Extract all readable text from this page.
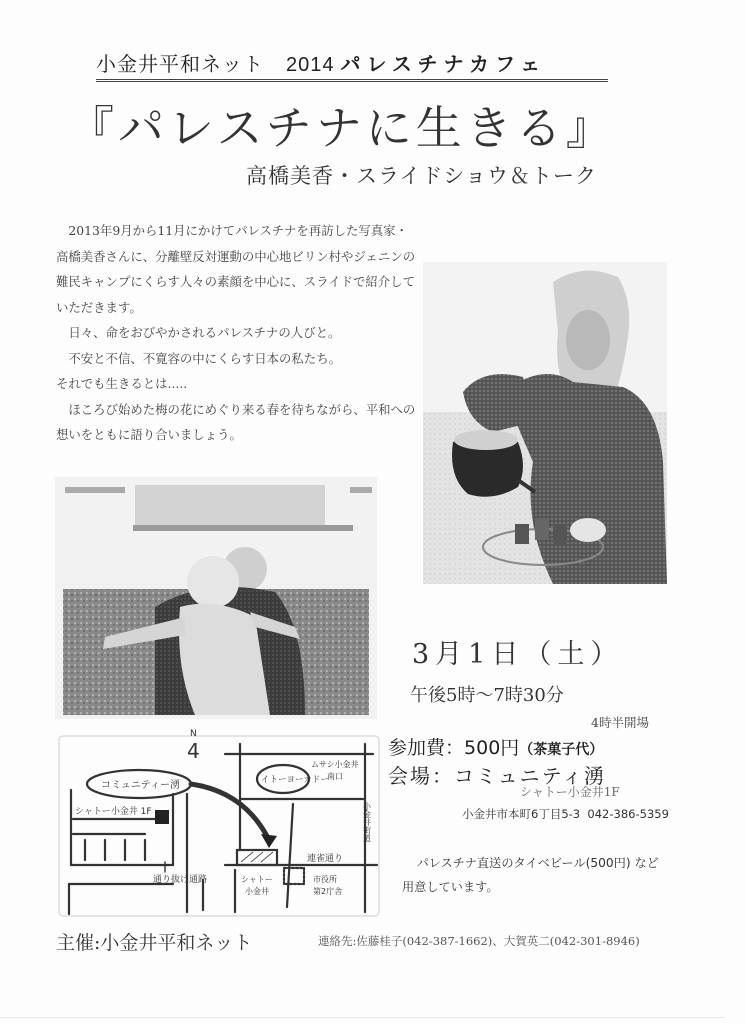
小金井平和ネット 2014 パレスチナカフェ
『パレスチナに生きる』
高橋美香・スライドショウ＆トーク

2013年9月から11月にかけてパレスチナを再訪した写真家・高橋美香さんに、分離壁反対運動の中心地ビリン村やジェニンの難民キャンプにくらす人々の素顔を中心に、スライドで紹介していただきます。

日々、命をおびやかされるパレスチナの人びと。

不安と不信、不寛容の中にくらす日本の私たち。

それでも生きるとは.....

ほころび始めた梅の花にめぐり来る春を待ちながら、平和への想いをともに語り合いましょう。

3月1日（土）
午後5時〜7時30分
4時半開場
参加費：500円（茶菓子代）
会場：コミュニティ湧
シャトー小金井1F
小金井市本町6丁目5-3 042-386-5359

パレスチナ直送のタイベビール(500円) など

用意しています。

N
4
コミュニティー湧
シャトー小金井 1F
通り抜け通路
イトーヨーカドー
ムサシ小金井
南口
小金井街道
連雀通り
シャトー
小金井
市役所
第2庁舎
主催:小金井平和ネット	連絡先:佐藤桂子(042-387-1662)、大賀英二(042-301-8946)
